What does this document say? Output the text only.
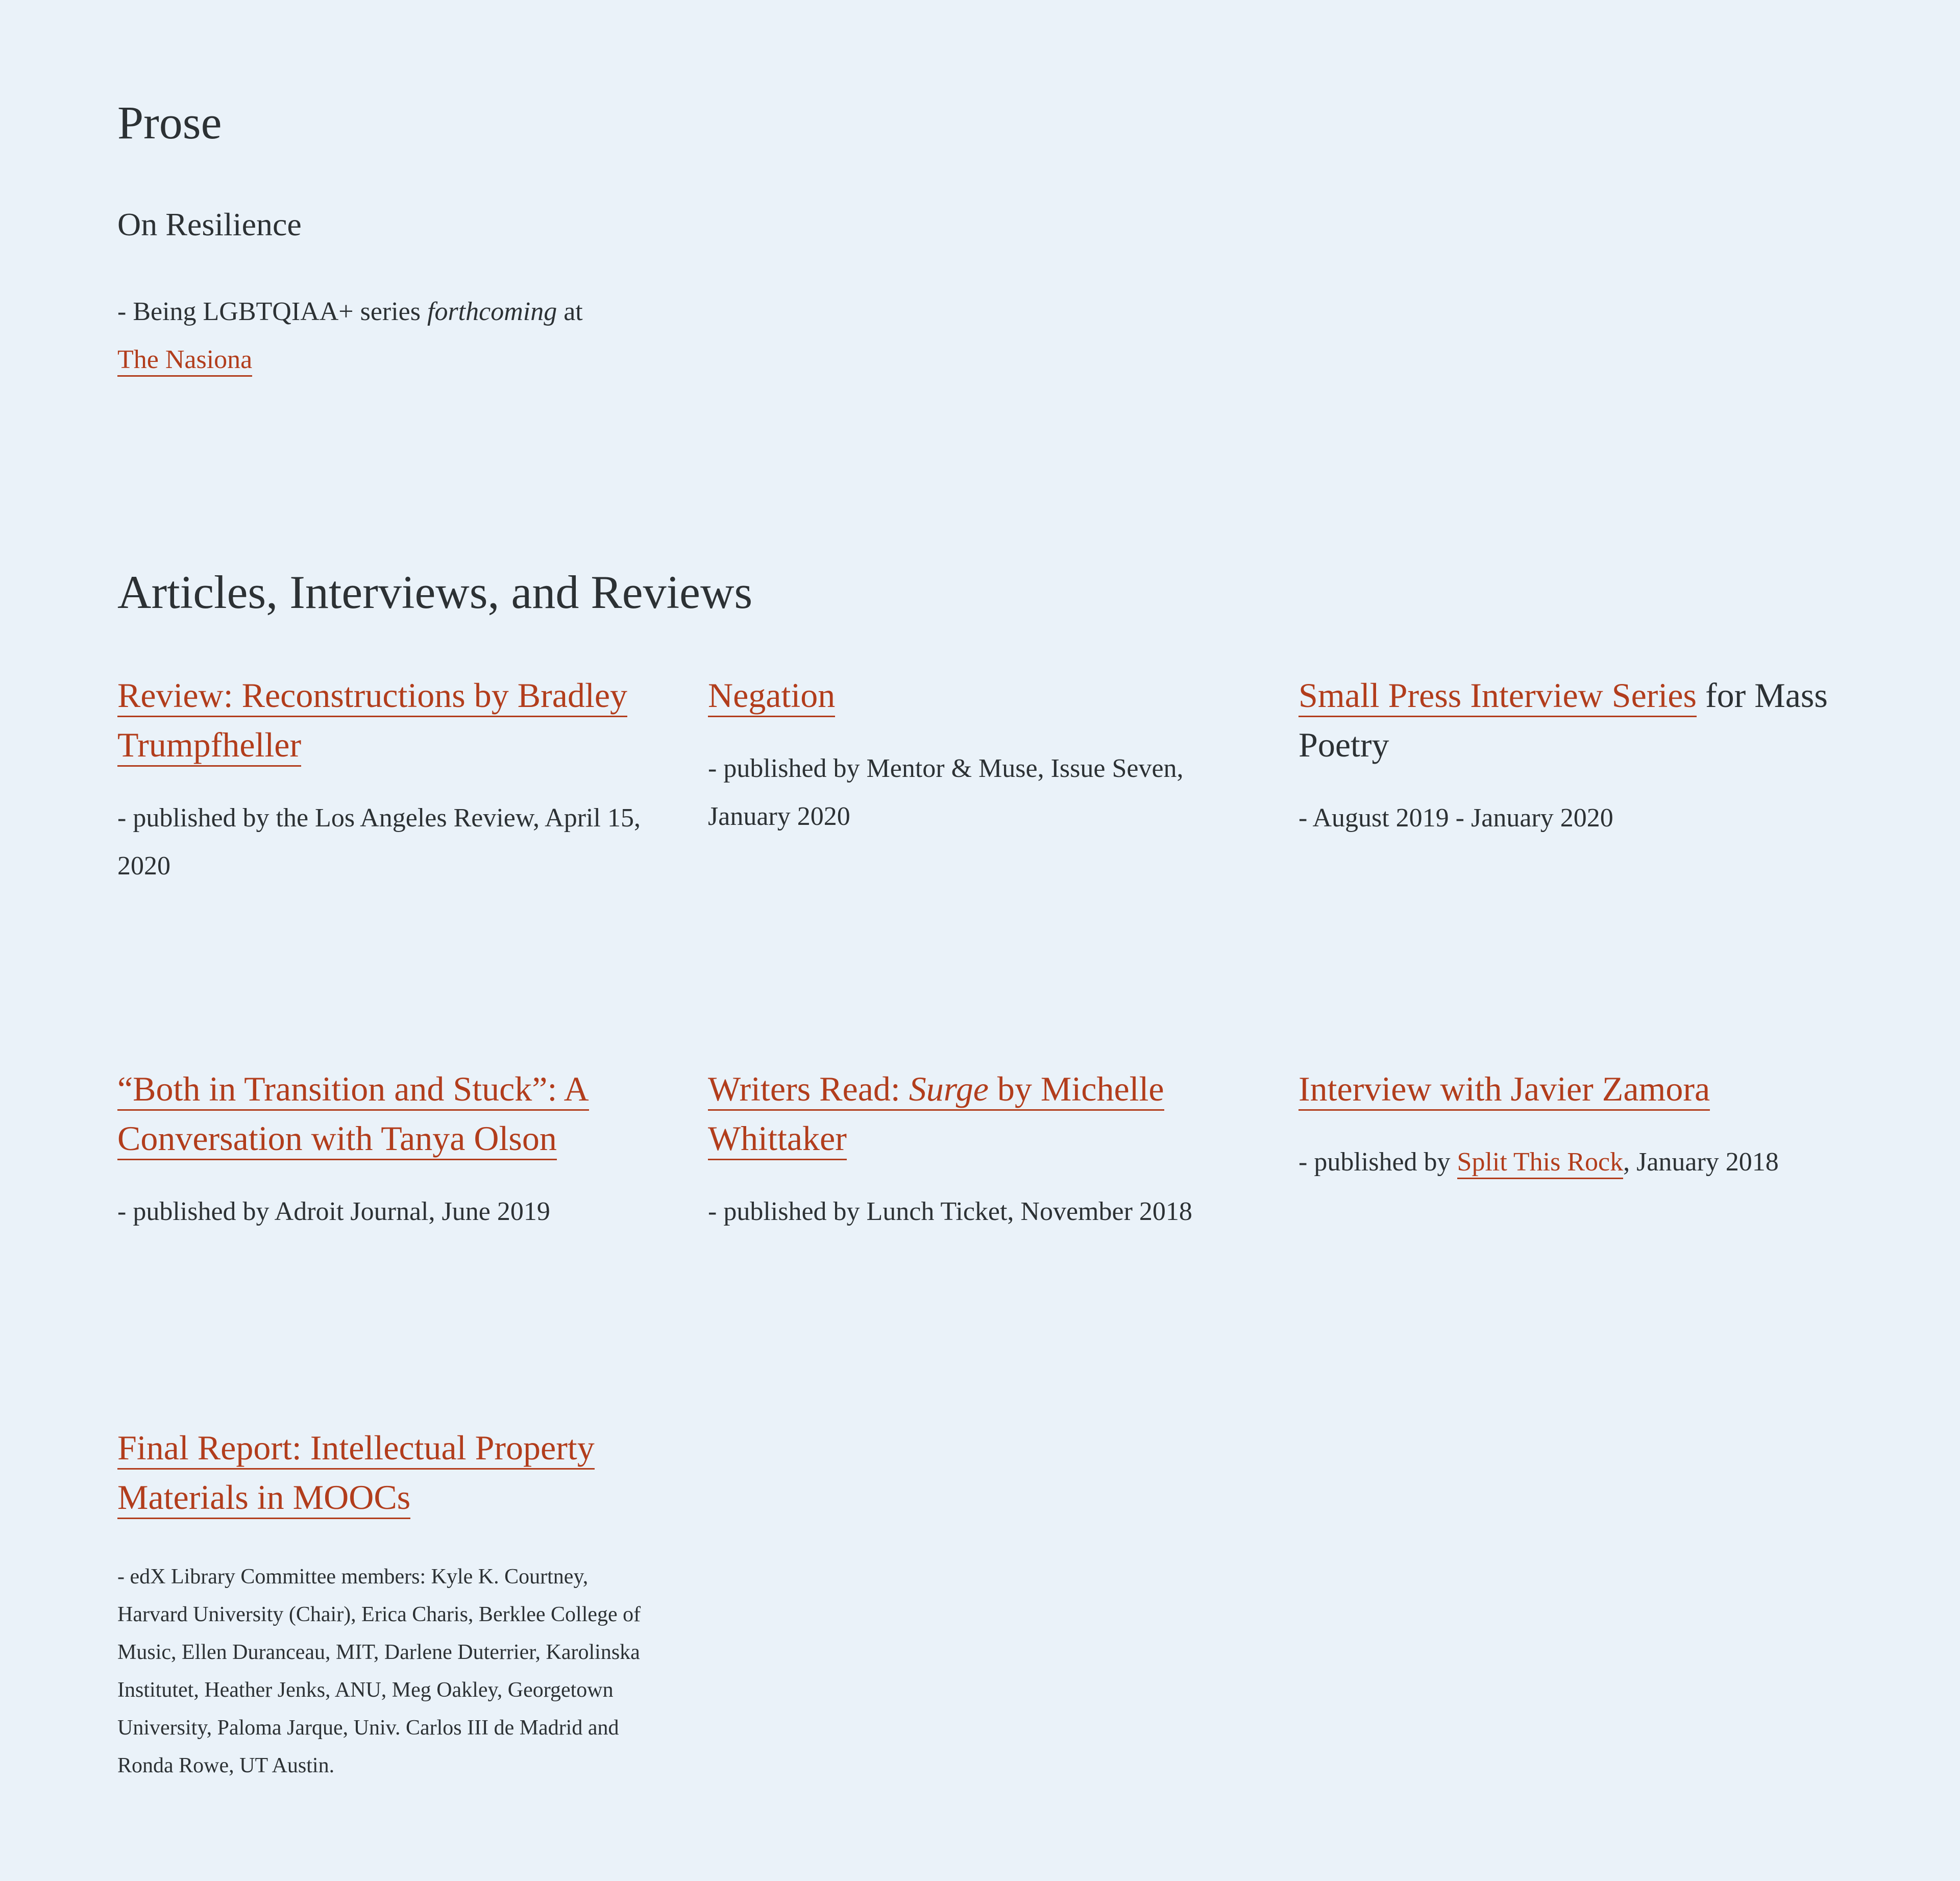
Prose
On Resilience
- Being LGBTQIAA+ series forthcoming at
The Nasiona
Articles, Interviews, and Reviews
Review: Reconstructions by Bradley Trumpfheller

- published by the Los Angeles Review, April 15, 2020

Negation

- published by Mentor & Muse, Issue Seven, January 2020

Small Press Interview Series for Mass Poetry

- August 2019 - January 2020

“Both in Transition and Stuck”: A Conversation with Tanya Olson

- published by Adroit Journal, June 2019

Writers Read: Surge by Michelle Whittaker

- published by Lunch Ticket, November 2018

Interview with Javier Zamora

- published by Split This Rock, January 2018

Final Report: Intellectual Property Materials in MOOCs

- edX Library Committee members: Kyle K. Courtney, Harvard University (Chair), Erica Charis, Berklee College of Music, Ellen Duranceau, MIT, Darlene Duterrier, Karolinska Institutet, Heather Jenks, ANU, Meg Oakley, Georgetown University, Paloma Jarque, Univ. Carlos III de Madrid and Ronda Rowe, UT Austin.
